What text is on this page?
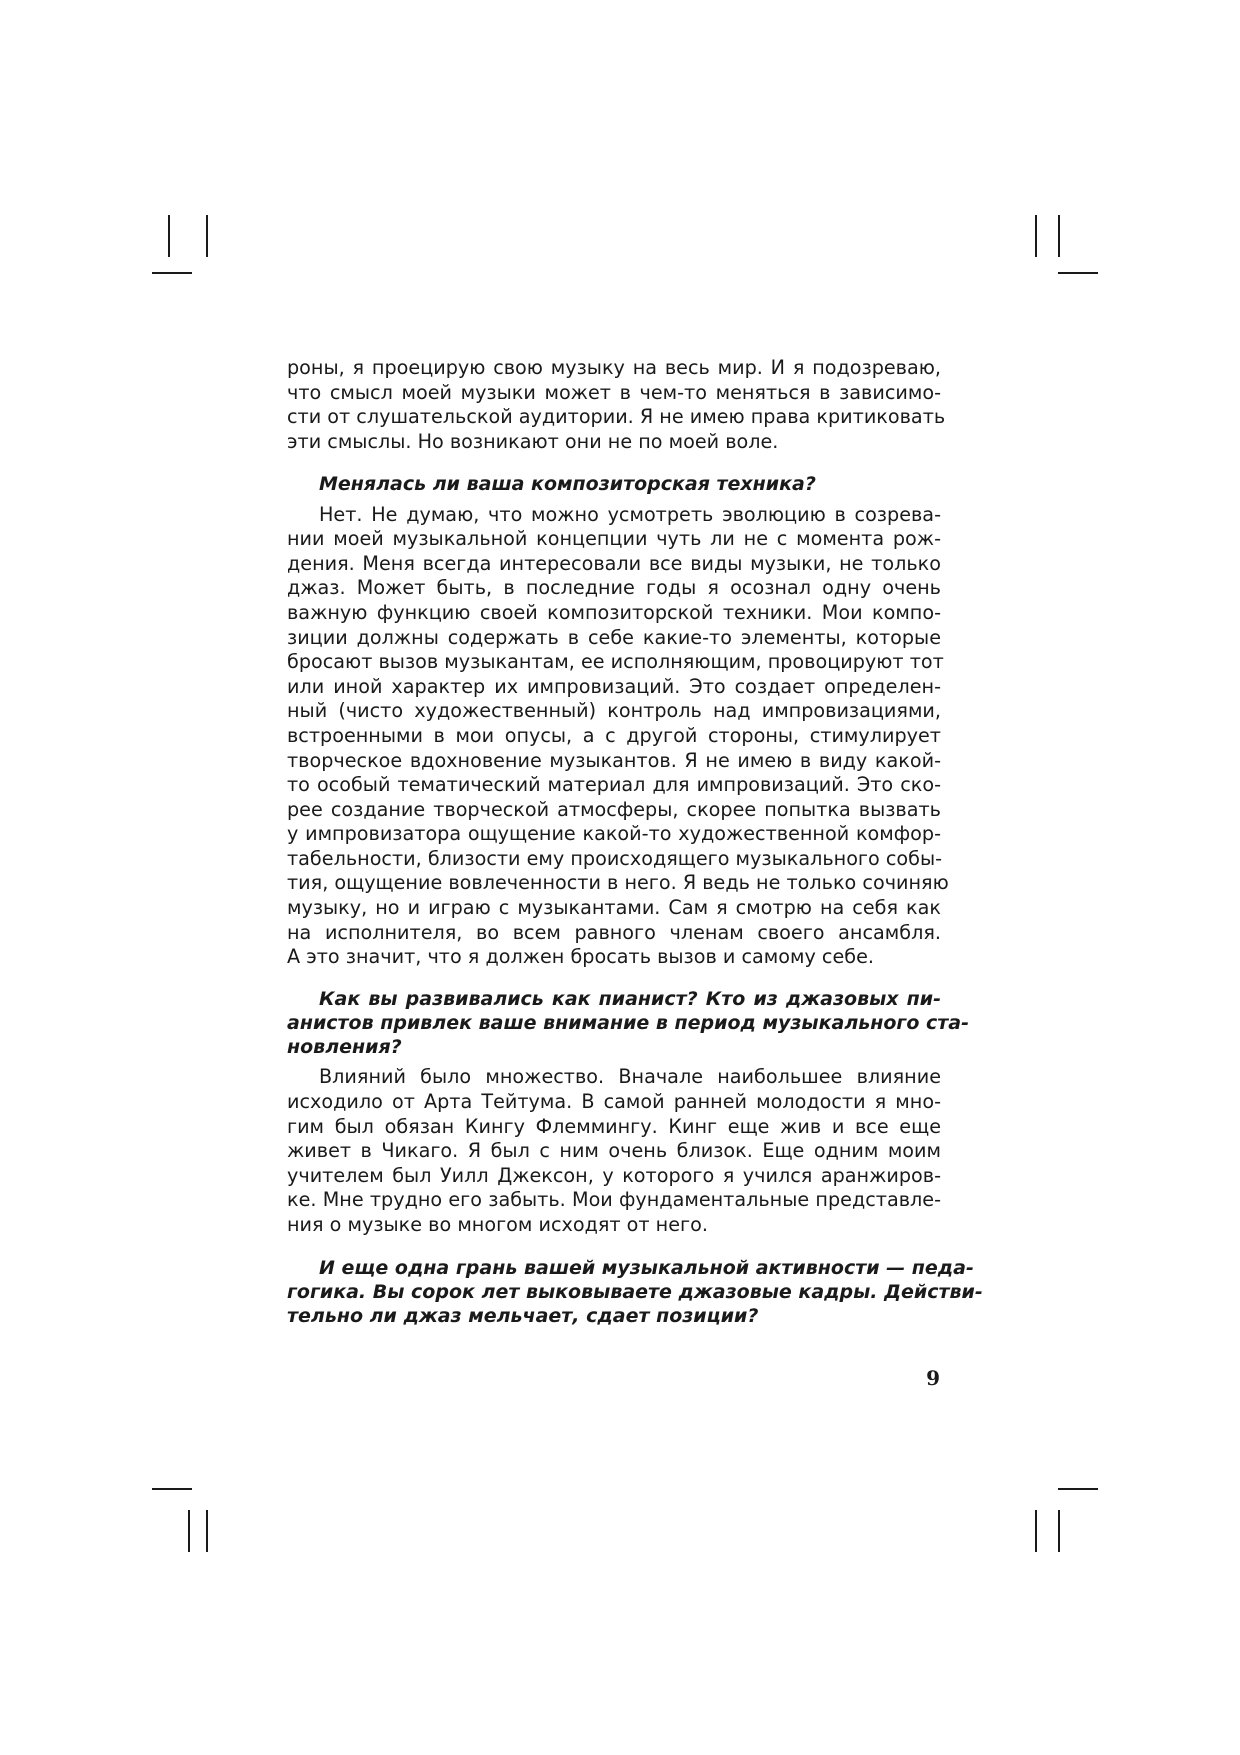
роны, я проецирую свою музыку на весь мир. И я подозреваю,
что смысл моей музыки может в чем-то меняться в зависимо-
сти от слушательской аудитории. Я не имею права критиковать
эти смыслы. Но возникают они не по моей воле.

Менялась ли ваша композиторская техника?

Нет. Не думаю, что можно усмотреть эволюцию в созрева-
нии моей музыкальной концепции чуть ли не с момента рож-
дения. Меня всегда интересовали все виды музыки, не только
джаз. Может быть, в последние годы я осознал одну очень
важную функцию своей композиторской техники. Мои компо-
зиции должны содержать в себе какие-то элементы, которые
бросают вызов музыкантам, ее исполняющим, провоцируют тот
или иной характер их импровизаций. Это создает определен-
ный (чисто художественный) контроль над импровизациями,
встроенными в мои опусы, а с другой стороны, стимулирует
творческое вдохновение музыкантов. Я не имею в виду какой-
то особый тематический материал для импровизаций. Это ско-
рее создание творческой атмосферы, скорее попытка вызвать
у импровизатора ощущение какой-то художественной комфор-
табельности, близости ему происходящего музыкального собы-
тия, ощущение вовлеченности в него. Я ведь не только сочиняю
музыку, но и играю с музыкантами. Сам я смотрю на себя как
на исполнителя, во всем равного членам своего ансамбля.
А это значит, что я должен бросать вызов и самому себе.

Как вы развивались как пианист? Кто из джазовых пи-
анистов привлек ваше внимание в период музыкального ста-
новления?

Влияний было множество. Вначале наибольшее влияние
исходило от Арта Тейтума. В самой ранней молодости я мно-
гим был обязан Кингу Флеммингу. Кинг еще жив и все еще
живет в Чикаго. Я был с ним очень близок. Еще одним моим
учителем был Уилл Джексон, у которого я учился аранжиров-
ке. Мне трудно его забыть. Мои фундаментальные представле-
ния о музыке во многом исходят от него.

И еще одна грань вашей музыкальной активности — педа-
гогика. Вы сорок лет выковываете джазовые кадры. Действи-
тельно ли джаз мельчает, сдает позиции?

9
